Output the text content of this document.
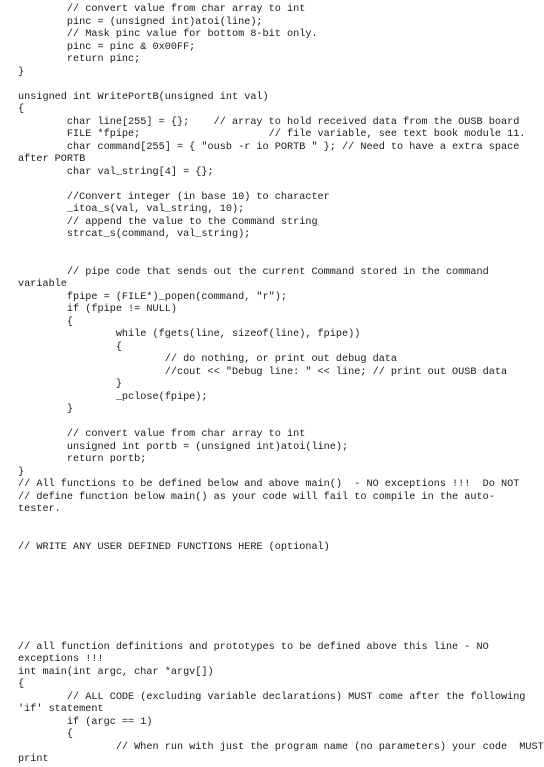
// convert value from char array to int
pinc = (unsigned int)atoi(line);
// Mask pinc value for bottom 8-bit only.
pinc = pinc & 0x00FF;
return pinc;
}
unsigned int WritePortB(unsigned int val)
{
char line[255] = {};    // array to hold received data from the OUSB board
FILE *fpipe;                     // file variable, see text book module 11.
char command[255] = { "ousb -r io PORTB " }; // Need to have a extra space
after PORTB
char val_string[4] = {};
//Convert integer (in base 10) to character
_itoa_s(val, val_string, 10);
// append the value to the Command string
strcat_s(command, val_string);
// pipe code that sends out the current Command stored in the command
variable
fpipe = (FILE*)_popen(command, "r");
if (fpipe != NULL)
{
while (fgets(line, sizeof(line), fpipe))
{
// do nothing, or print out debug data
//cout << "Debug line: " << line; // print out OUSB data
}
_pclose(fpipe);
}
// convert value from char array to int
unsigned int portb = (unsigned int)atoi(line);
return portb;
}
// All functions to be defined below and above main()  - NO exceptions !!!  Do NOT
// define function below main() as your code will fail to compile in the auto-
tester.
// WRITE ANY USER DEFINED FUNCTIONS HERE (optional)
// all function definitions and prototypes to be defined above this line - NO
exceptions !!!
int main(int argc, char *argv[])
{
// ALL CODE (excluding variable declarations) MUST come after the following
'if' statement
if (argc == 1)
{
// When run with just the program name (no parameters) your code  MUST
print
